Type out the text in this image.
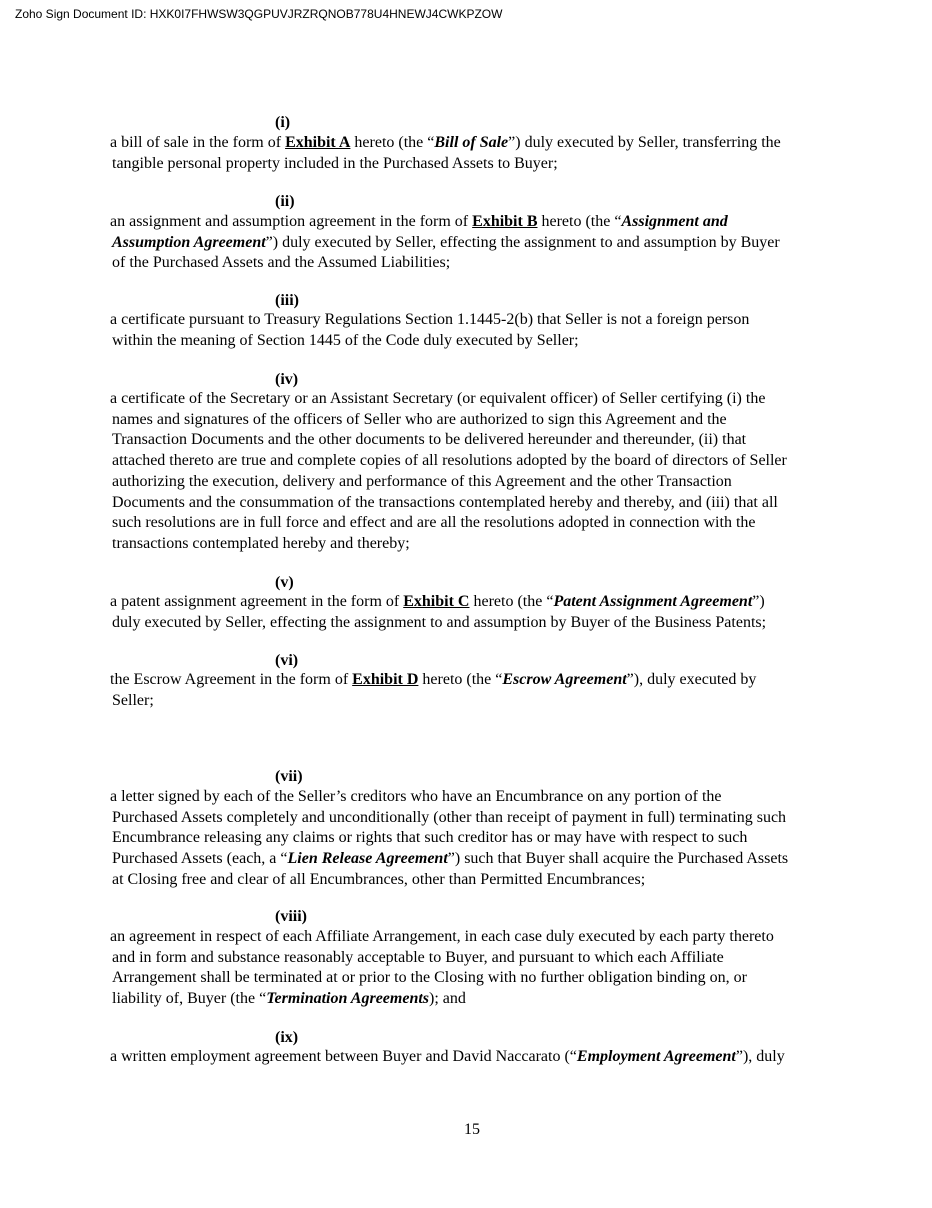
Zoho Sign Document ID: HXK0I7FHWSW3QGPUVJRZRQNOB778U4HNEWJ4CWKPZOW
(i)
a bill of sale in the form of Exhibit A hereto (the “Bill of Sale”) duly executed by Seller, transferring the
tangible personal property included in the Purchased Assets to Buyer;
(ii)
an assignment and assumption agreement in the form of Exhibit B hereto (the “Assignment and
Assumption Agreement”) duly executed by Seller, effecting the assignment to and assumption by Buyer
of the Purchased Assets and the Assumed Liabilities;
(iii)
a certificate pursuant to Treasury Regulations Section 1.1445-2(b) that Seller is not a foreign person
within the meaning of Section 1445 of the Code duly executed by Seller;
(iv)
a certificate of the Secretary or an Assistant Secretary (or equivalent officer) of Seller certifying (i) the
names and signatures of the officers of Seller who are authorized to sign this Agreement and the
Transaction Documents and the other documents to be delivered hereunder and thereunder, (ii) that
attached thereto are true and complete copies of all resolutions adopted by the board of directors of Seller
authorizing the execution, delivery and performance of this Agreement and the other Transaction
Documents and the consummation of the transactions contemplated hereby and thereby, and (iii) that all
such resolutions are in full force and effect and are all the resolutions adopted in connection with the
transactions contemplated hereby and thereby;
(v)
a patent assignment agreement in the form of Exhibit C hereto (the “Patent Assignment Agreement”)
duly executed by Seller, effecting the assignment to and assumption by Buyer of the Business Patents;
(vi)
the Escrow Agreement in the form of Exhibit D hereto (the “Escrow Agreement”), duly executed by
Seller;
(vii)
a letter signed by each of the Seller’s creditors who have an Encumbrance on any portion of the
Purchased Assets completely and unconditionally (other than receipt of payment in full) terminating such
Encumbrance releasing any claims or rights that such creditor has or may have with respect to such
Purchased Assets (each, a “Lien Release Agreement”) such that Buyer shall acquire the Purchased Assets
at Closing free and clear of all Encumbrances, other than Permitted Encumbrances;
(viii)
an agreement in respect of each Affiliate Arrangement, in each case duly executed by each party thereto
and in form and substance reasonably acceptable to Buyer, and pursuant to which each Affiliate
Arrangement shall be terminated at or prior to the Closing with no further obligation binding on, or
liability of, Buyer (the “Termination Agreements); and
(ix)
a written employment agreement between Buyer and David Naccarato (“Employment Agreement”), duly
15
